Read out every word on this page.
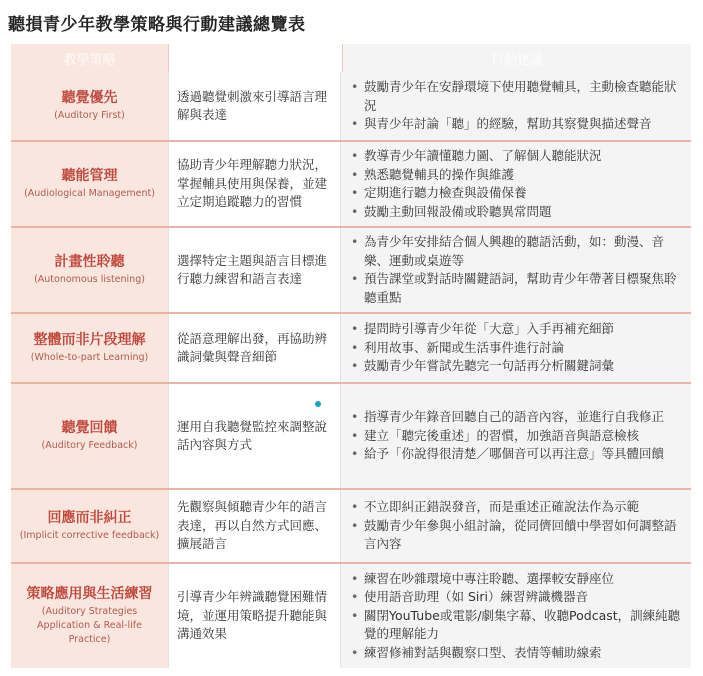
聽損青少年教學策略與行動建議總覽表
教學策略	說明	行動建議
聽覺優先
(Auditory First)
透過聽覺刺激來引導語言理解與表達
• 鼓勵青少年在安靜環境下使用聽覺輔具，主動檢查聽能狀況
• 與青少年討論「聽」的經驗，幫助其察覺與描述聲音
聽能管理
(Audiological Management)
協助青少年理解聽力狀況，掌握輔具使用與保養，並建立定期追蹤聽力的習慣
• 教導青少年讀懂聽力圖、了解個人聽能狀況
• 熟悉聽覺輔具的操作與維護
• 定期進行聽力檢查與設備保養
• 鼓勵主動回報設備或聆聽異常問題
計畫性聆聽
(Autonomous listening)
選擇特定主題與語言目標進行聽力練習和語言表達
• 為青少年安排結合個人興趣的聽語活動，如：動漫、音樂、運動或桌遊等
• 預告課堂或對話時關鍵語詞，幫助青少年帶著目標聚焦聆聽重點
整體而非片段理解
(Whole-to-part Learning)
從語意理解出發，再協助辨識詞彙與聲音細節
• 提問時引導青少年從「大意」入手再補充細節
• 利用故事、新聞或生活事件進行討論
• 鼓勵青少年嘗試先聽完一句話再分析關鍵詞彙
聽覺回饋
(Auditory Feedback)
運用自我聽覺監控來調整說話內容與方式
• 指導青少年錄音回聽自己的語音內容，並進行自我修正
• 建立「聽完後重述」的習慣，加強語音與語意檢核
• 給予「你說得很清楚／哪個音可以再注意」等具體回饋
回應而非糾正
(Implicit corrective feedback)
先觀察與傾聽青少年的語言表達，再以自然方式回應、擴展語言
• 不立即糾正錯誤發音，而是重述正確說法作為示範
• 鼓勵青少年參與小組討論，從同儕回饋中學習如何調整語言內容
策略應用與生活練習
(Auditory Strategies Application & Real-life Practice)
引導青少年辨識聽覺困難情境，並運用策略提升聽能與溝通效果
• 練習在吵雜環境中專注聆聽、選擇較安靜座位
• 使用語音助理（如 Siri）練習辨識機器音
• 關閉YouTube或電影/劇集字幕、收聽Podcast，訓練純聽覺的理解能力
• 練習修補對話與觀察口型、表情等輔助線索
